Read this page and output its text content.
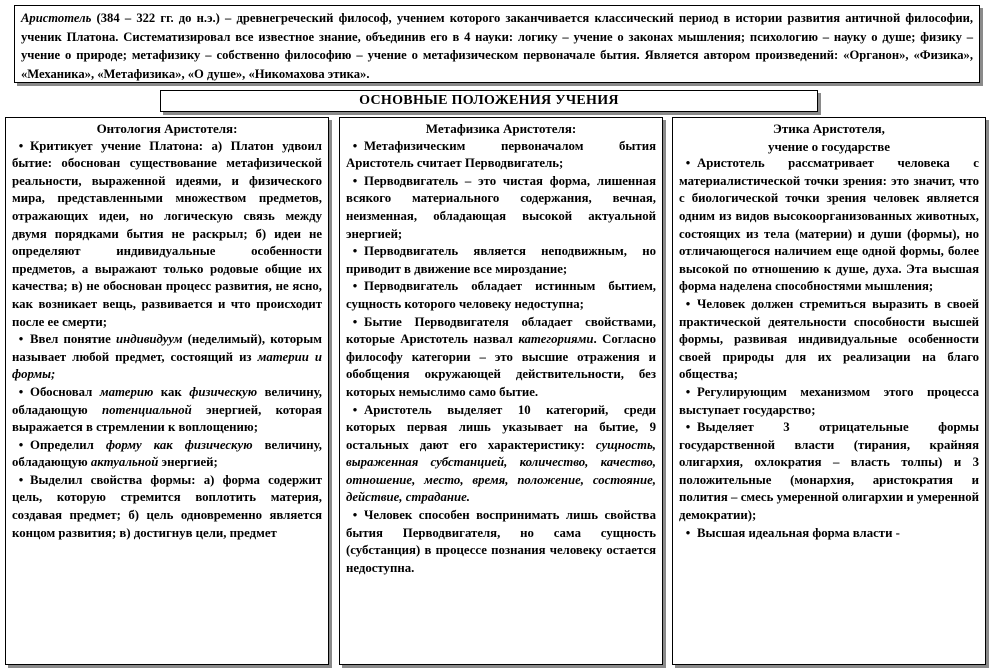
Аристотель (384 – 322 гг. до н.э.) – древнегреческий философ, учением которого заканчивается классический период в истории развития античной философии, ученик Платона. Систематизировал все известное знание, объединив его в 4 науки: логику – учение о законах мышления; психологию – науку о душе; физику – учение о природе; метафизику – собственно философию – учение о метафизическом первоначале бытия. Является автором произведений: «Органон», «Физика», «Механика», «Метафизика», «О душе», «Никомахова этика».
ОСНОВНЫЕ ПОЛОЖЕНИЯ УЧЕНИЯ
Онтология Аристотеля:
• Критикует учение Платона: а) Платон удвоил бытие: обоснован существование метафизической реальности, выраженной идеями, и физического мира, представленными множеством предметов, отражающих идеи, но логическую связь между двумя порядками бытия не раскрыл; б) идеи не определяют индивидуальные особенности предметов, а выражают только родовые общие их качества; в) не обоснован процесс развития, не ясно, как возникает вещь, развивается и что происходит после ее смерти;
• Ввел понятие индивидуум (неделимый), которым называет любой предмет, состоящий из материи и формы;
• Обосновал материю как физическую величину, обладающую потенциальной энергией, которая выражается в стремлении к воплощению;
• Определил форму как физическую величину, обладающую актуальной энергией;
• Выделил свойства формы: а) форма содержит цель, которую стремится воплотить материя, создавая предмет; б) цель одновременно является концом развития; в) достигнув цели, предмет
Метафизика Аристотеля:
• Метафизическим первоначалом бытия Аристотель считает Перводвигатель;
• Перводвигатель – это чистая форма, лишенная всякого материального содержания, вечная, неизменная, обладающая высокой актуальной энергией;
• Перводвигатель является неподвижным, но приводит в движение все мироздание;
• Перводвигатель обладает истинным бытием, сущность которого человеку недоступна;
• Бытие Перводвигателя обладает свойствами, которые Аристотель назвал категориями. Согласно философу категории – это высшие отражения и обобщения окружающей действительности, без которых немыслимо само бытие.
• Аристотель выделяет 10 категорий, среди которых первая лишь указывает на бытие, 9 остальных дают его характеристику: сущность, выраженная субстанцией, количество, качество, отношение, место, время, положение, состояние, действие, страдание.
• Человек способен воспринимать лишь свойства бытия Перводвигателя, но сама сущность (субстанция) в процессе познания человеку остается недоступна.
Этика Аристотеля,
учение о государстве
• Аристотель рассматривает человека с материалистической точки зрения: это значит, что с биологической точки зрения человек является одним из видов высокоорганизованных животных, состоящих из тела (материи) и души (формы), но отличающегося наличием еще одной формы, более высокой по отношению к душе, духа. Эта высшая форма наделена способностями мышления;
• Человек должен стремиться выразить в своей практической деятельности способности высшей формы, развивая индивидуальные особенности своей природы для их реализации на благо общества;
• Регулирующим механизмом этого процесса выступает государство;
• Выделяет 3 отрицательные формы государственной власти (тирания, крайняя олигархия, охлократия – власть толпы) и 3 положительные (монархия, аристократия и полития – смесь умеренной олигархии и умеренной демократии);
• Высшая идеальная форма власти -
